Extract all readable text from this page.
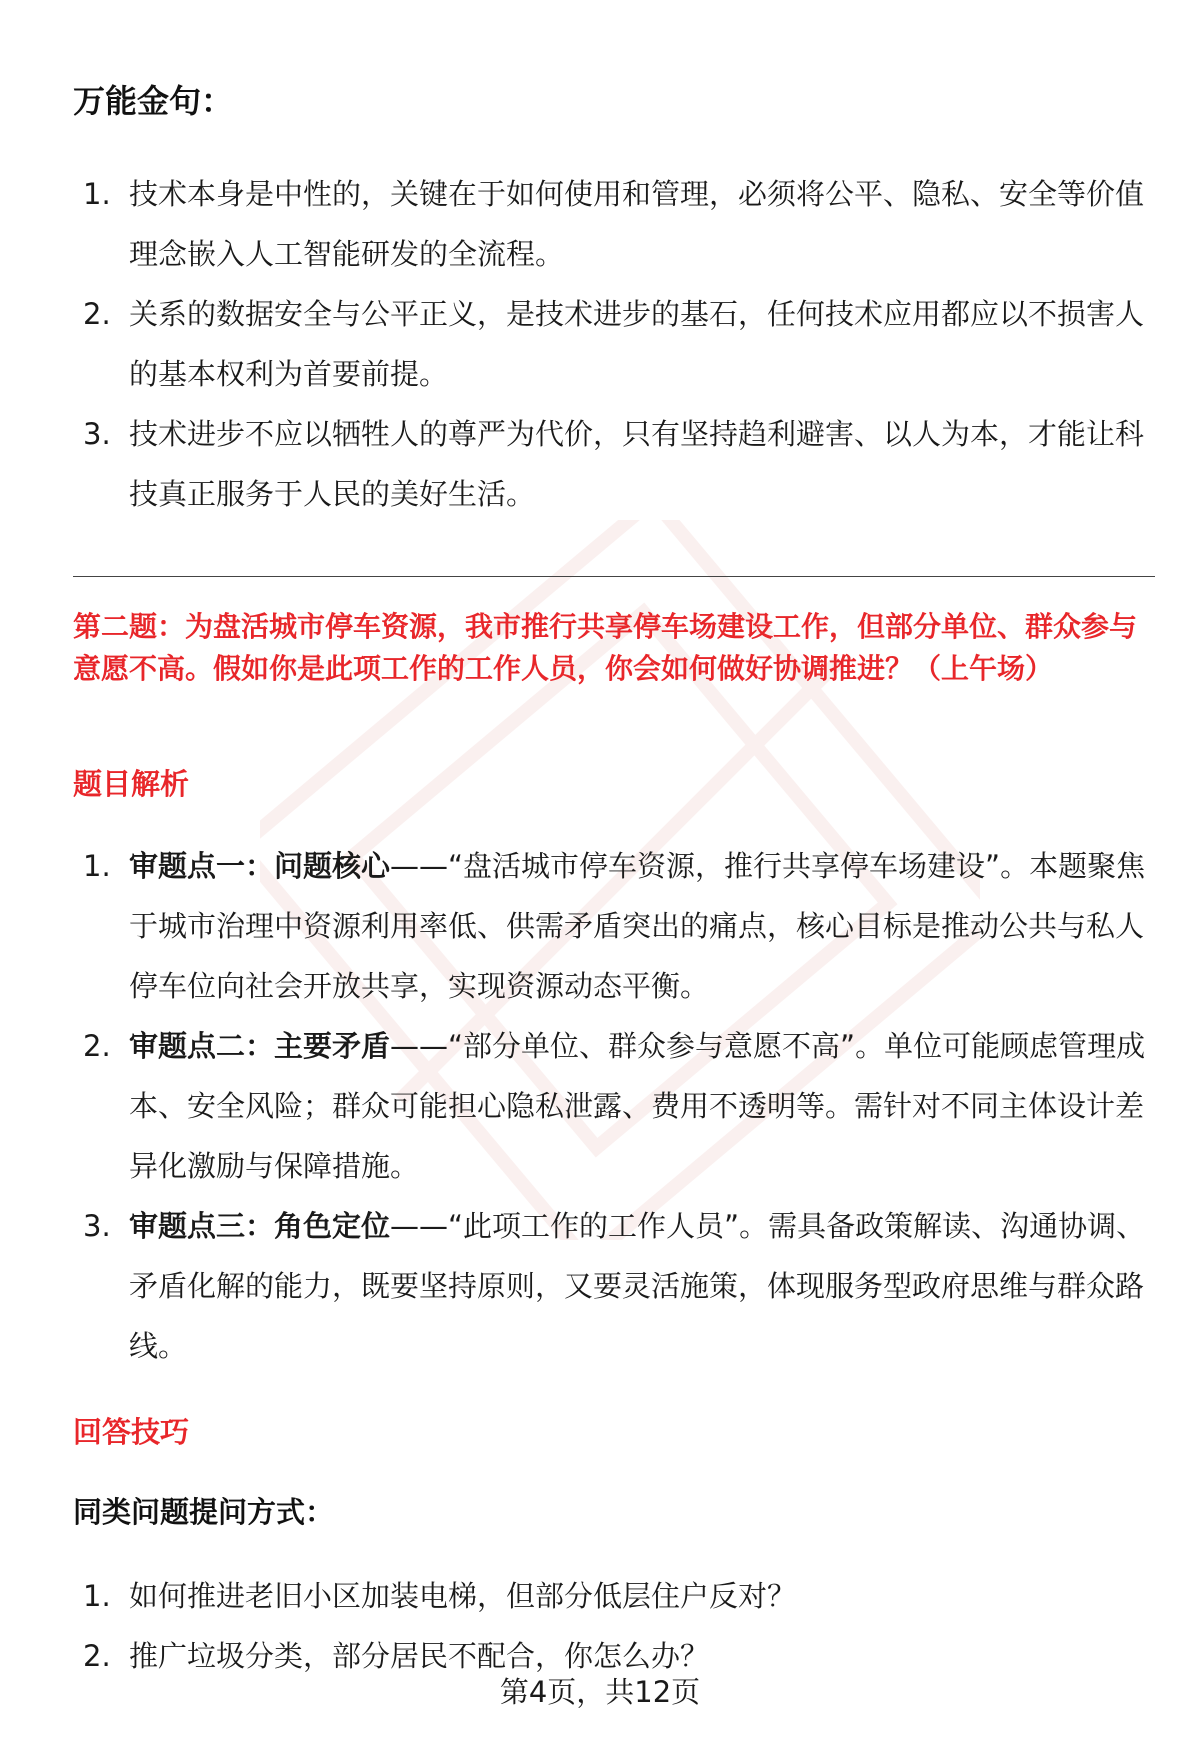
万能金句：
1. 技术本身是中性的，关键在于如何使用和管理，必须将公平、隐私、安全等价值理念嵌入人工智能研发的全流程。
2. 关系的数据安全与公平正义，是技术进步的基石，任何技术应用都应以不损害人的基本权利为首要前提。
3. 技术进步不应以牺牲人的尊严为代价，只有坚持趋利避害、以人为本，才能让科技真正服务于人民的美好生活。

第二题：为盘活城市停车资源，我市推行共享停车场建设工作，但部分单位、群众参与意愿不高。假如你是此项工作的工作人员，你会如何做好协调推进？（上午场）

题目解析
1. 审题点一：问题核心——“盘活城市停车资源，推行共享停车场建设”。本题聚焦于城市治理中资源利用率低、供需矛盾突出的痛点，核心目标是推动公共与私人停车位向社会开放共享，实现资源动态平衡。
2. 审题点二：主要矛盾——“部分单位、群众参与意愿不高”。单位可能顾虑管理成本、安全风险；群众可能担心隐私泄露、费用不透明等。需针对不同主体设计差异化激励与保障措施。
3. 审题点三：角色定位——“此项工作的工作人员”。需具备政策解读、沟通协调、矛盾化解的能力，既要坚持原则，又要灵活施策，体现服务型政府思维与群众路线。
回答技巧
同类问题提问方式：
1. 如何推进老旧小区加装电梯，但部分低层住户反对？
2. 推广垃圾分类，部分居民不配合，你怎么办？
第4页，共12页
